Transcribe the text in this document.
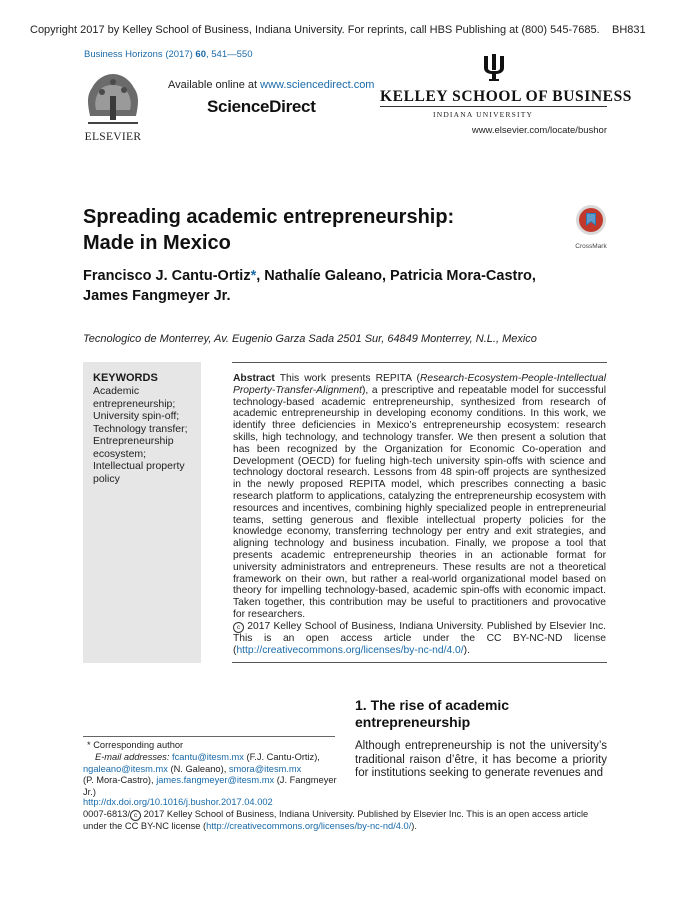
Copyright 2017 by Kelley School of Business, Indiana University. For reprints, call HBS Publishing at (800) 545-7685. BH831
Business Horizons (2017) 60, 541—550
ELSEVIER
Available online at www.sciencedirect.com
ScienceDirect
KELLEY SCHOOL OF BUSINESS
INDIANA UNIVERSITY
www.elsevier.com/locate/bushor
Spreading academic entrepreneurship:
Made in Mexico	CrossMark
Francisco J. Cantu-Ortiz*, Nathalíe Galeano, Patricia Mora-Castro,
James Fangmeyer Jr.
Tecnologico de Monterrey, Av. Eugenio Garza Sada 2501 Sur, 64849 Monterrey, N.L., Mexico
KEYWORDS
Academic entrepreneurship;
University spin-off;
Technology transfer;
Entrepreneurship ecosystem;
Intellectual property policy
Abstract This work presents REPITA (Research-Ecosystem-People-Intellectual Property-Transfer-Alignment), a prescriptive and repeatable model for successful technology-based academic entrepreneurship, synthesized from research of academic entrepreneurship in developing economy conditions. In this work, we identify three deficiencies in Mexico’s entrepreneurship ecosystem: research skills, high technology, and technology transfer. We then present a solution that has been recognized by the Organization for Economic Co-operation and Development (OECD) for fueling high-tech university spin-offs with science and technology doctoral research. Lessons from 48 spin-off projects are synthesized in the newly proposed REPITA model, which prescribes connecting a basic research platform to applications, catalyzing the entrepreneurship ecosystem with resources and incentives, combining highly specialized people in entrepreneurial teams, setting generous and flexible intellectual property policies for the knowledge economy, transferring technology per entry and exit strategies, and aligning technology and business incubation. Finally, we propose a tool that presents academic entrepreneurship theories in an actionable format for university administrators and entrepreneurs. These results are not a theoretical framework on their own, but rather a real-world organizational model based on theory for impelling technology-based, academic spin-offs with economic impact. Taken together, this contribution may be useful to practitioners and provocative for researchers.
c 2017 Kelley School of Business, Indiana University. Published by Elsevier Inc. This is an open access article under the CC BY-NC-ND license (http://creativecommons.org/licenses/by-nc-nd/4.0/).
1. The rise of academic entrepreneurship
Although entrepreneurship is not the university’s traditional raison d’être, it has become a priority for institutions seeking to generate revenues and
* Corresponding author
E-mail addresses: fcantu@itesm.mx (F.J. Cantu-Ortiz),
ngaleano@itesm.mx (N. Galeano), smora@itesm.mx
(P. Mora-Castro), james.fangmeyer@itesm.mx (J. Fangmeyer Jr.)
http://dx.doi.org/10.1016/j.bushor.2017.04.002
0007-6813/ c 2017 Kelley School of Business, Indiana University. Published by Elsevier Inc. This is an open access article under the CC BY-NC license (http://creativecommons.org/licenses/by-nc-nd/4.0/).
